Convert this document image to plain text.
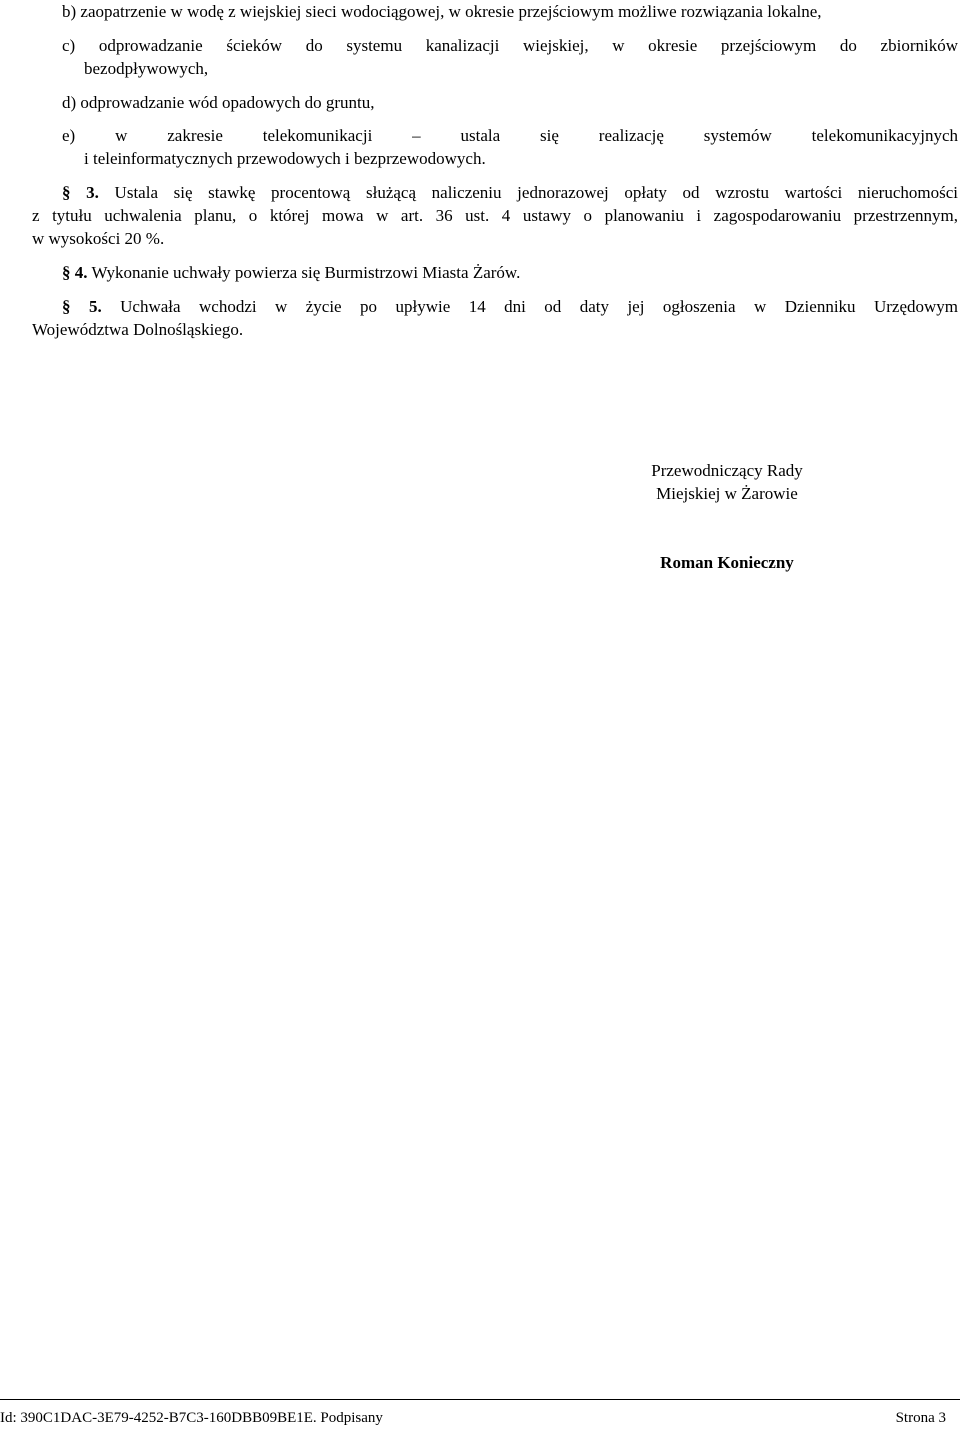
b) zaopatrzenie w wodę z wiejskiej sieci wodociągowej, w okresie przejściowym możliwe rozwiązania lokalne,
c) odprowadzanie ścieków do systemu kanalizacji wiejskiej, w okresie przejściowym do zbiorników
bezodpływowych,
d) odprowadzanie wód opadowych do gruntu,
e) w zakresie telekomunikacji – ustala się realizację systemów telekomunikacyjnych
i teleinformatycznych przewodowych i bezprzewodowych.
§ 3. Ustala się stawkę procentową służącą naliczeniu jednorazowej opłaty od wzrostu wartości nieruchomości
z tytułu uchwalenia planu, o której mowa w art. 36 ust. 4 ustawy o planowaniu i zagospodarowaniu przestrzennym,
w wysokości 20 %.
§ 4. Wykonanie uchwały powierza się Burmistrzowi Miasta Żarów.
§ 5. Uchwała wchodzi w życie po upływie 14 dni od daty jej ogłoszenia w Dzienniku Urzędowym
Województwa Dolnośląskiego.
Przewodniczący Rady
Miejskiej w Żarowie
Roman Konieczny
Id: 390C1DAC-3E79-4252-B7C3-160DBB09BE1E. Podpisany	Strona 3
